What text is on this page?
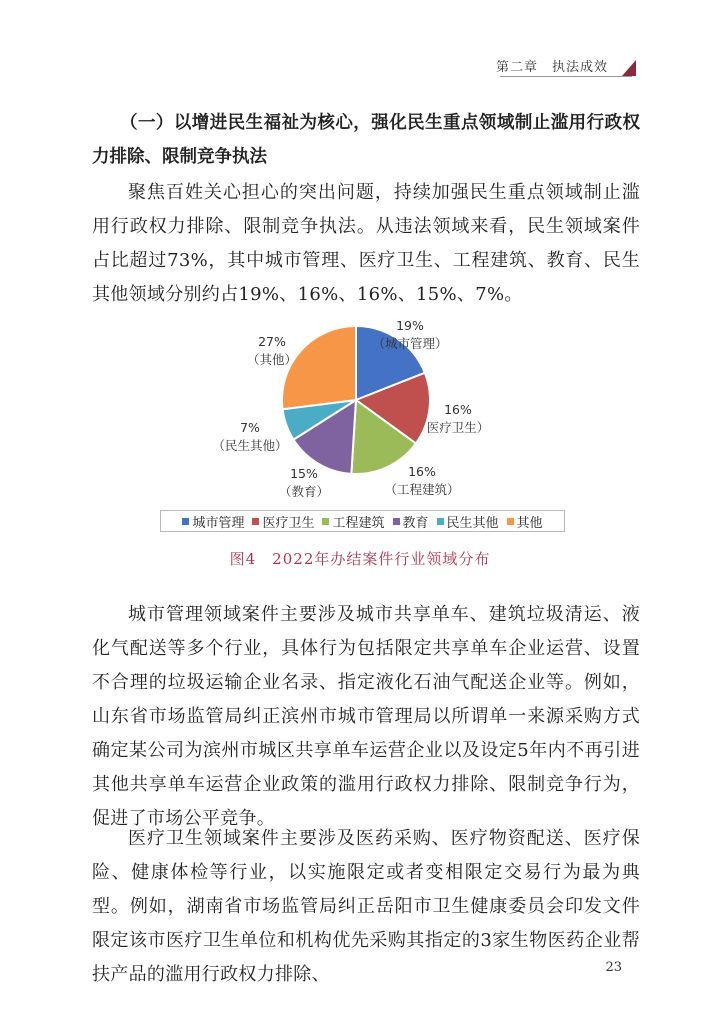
第二章　执法成效
（一）以增进民生福祉为核心，强化民生重点领域制止滥用行政权力排除、限制竞争执法
聚焦百姓关心担心的突出问题，持续加强民生重点领域制止滥用行政权力排除、限制竞争执法。从违法领域来看，民生领域案件占比超过73%，其中城市管理、医疗卫生、工程建筑、教育、民生其他领域分别约占19%、16%、16%、15%、7%。
19%
（城市管理）
16%
医疗卫生）
16%
（工程建筑）
15%
（教育）
7%
（民生其他）
27%
（其他）
城市管理 医疗卫生 工程建筑 教育 民生其他 其他
图4　2022年办结案件行业领域分布
城市管理领域案件主要涉及城市共享单车、建筑垃圾清运、液化气配送等多个行业，具体行为包括限定共享单车企业运营、设置不合理的垃圾运输企业名录、指定液化石油气配送企业等。例如，山东省市场监管局纠正滨州市城市管理局以所谓单一来源采购方式确定某公司为滨州市城区共享单车运营企业以及设定5年内不再引进其他共享单车运营企业政策的滥用行政权力排除、限制竞争行为，促进了市场公平竞争。
医疗卫生领域案件主要涉及医药采购、医疗物资配送、医疗保险、健康体检等行业，以实施限定或者变相限定交易行为最为典型。例如，湖南省市场监管局纠正岳阳市卫生健康委员会印发文件限定该市医疗卫生单位和机构优先采购其指定的3家生物医药企业帮扶产品的滥用行政权力排除、	23
